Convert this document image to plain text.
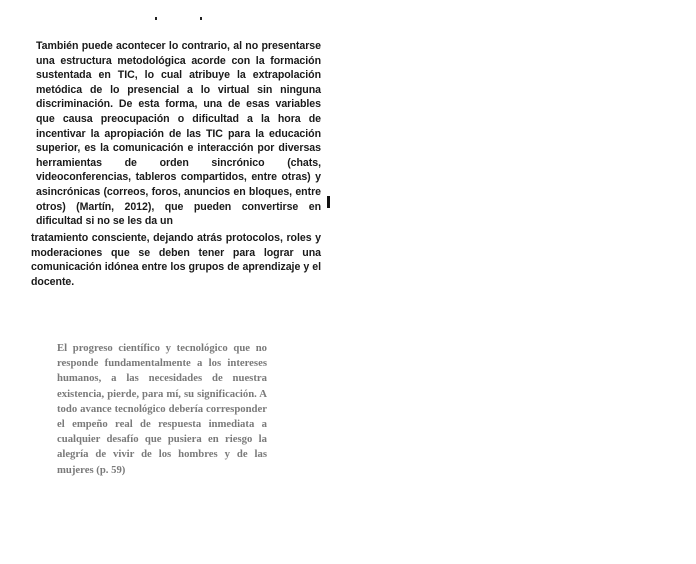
También puede acontecer lo contrario, al no presentarse una estructura metodológica acorde con la formación sustentada en TIC, lo cual atribuye la extrapolación metódica de lo presencial a lo virtual sin ninguna discriminación. De esta forma, una de esas variables que causa preocupación o dificultad a la hora de incentivar la apropiación de las TIC para la educación superior, es la comunicación e interacción por diversas herramientas de orden sincrónico (chats, videoconferencias, tableros compartidos, entre otras) y asincrónicas (correos, foros, anuncios en bloques, entre otros) (Martín, 2012), que pueden convertirse en dificultad si no se les da un

tratamiento consciente, dejando atrás protocolos, roles y moderaciones que se deben tener para lograr una comunicación idónea entre los grupos de aprendizaje y el docente.

El progreso científico y tecnológico que no responde fundamentalmente a los intereses humanos, a las necesidades de nuestra existencia, pierde, para mí, su significación. A todo avance tecnológico debería corresponder el empeño real de respuesta inmediata a cualquier desafío que pusiera en riesgo la alegría de vivir de los hombres y de las mujeres (p. 59)
